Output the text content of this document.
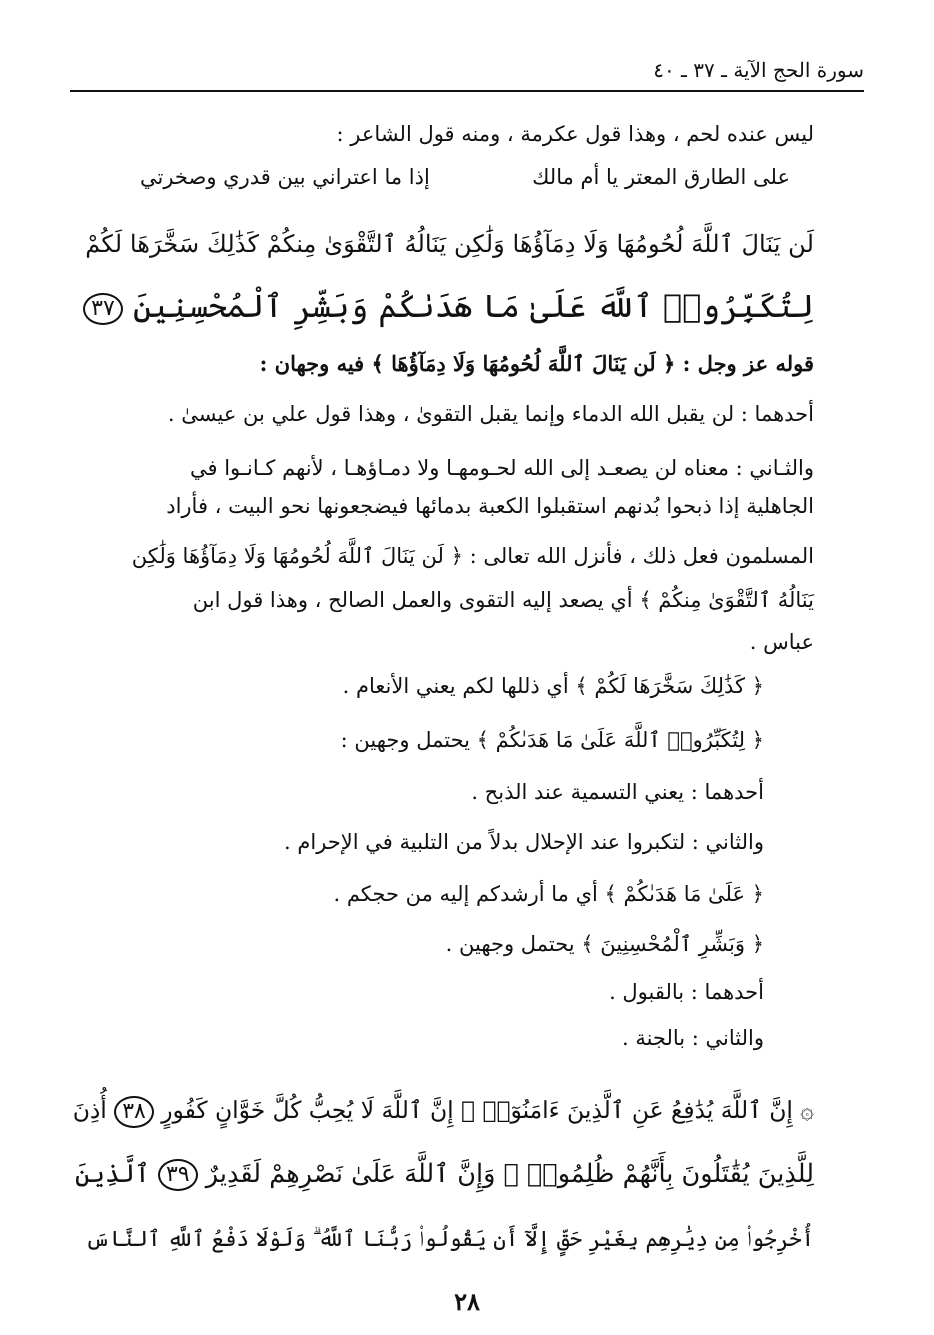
سورة الحج الآية ـ ٣٧ ـ ٤٠
ليس عنده لحم ، وهذا قول عكرمة ، ومنه قول الشاعر :
على الطارق المعتر يا أم مالك
إذا ما اعتراني بين قدري وصخرتي
لَن يَنَالَ ٱللَّهَ لُحُومُهَا وَلَا دِمَآؤُهَا وَلَٰكِن يَنَالُهُ ٱلتَّقْوَىٰ مِنكُمْ كَذَٰلِكَ سَخَّرَهَا لَكُمْ
لِتُكَبِّرُوا۟ ٱللَّهَ عَلَىٰ مَا هَدَىٰكُمْ وَبَشِّرِ ٱلْمُحْسِنِينَ ٣٧
قوله عز وجل : ﴿ لَن يَنَالَ ٱللَّهَ لُحُومُهَا وَلَا دِمَآؤُهَا ﴾ فيه وجهان :
أحدهما : لن يقبل الله الدماء وإنما يقبل التقوىٰ ، وهذا قول علي بن عيسىٰ .
والثـاني : معناه لن يصعـد إلى الله لحـومهـا ولا دمـاؤهـا ، لأنهم كـانـوا في
الجاهلية إذا ذبحوا بُدنهم استقبلوا الكعبة بدمائها فيضجعونها نحو البيت ، فأراد
المسلمون فعل ذلك ، فأنزل الله تعالى : ﴿ لَن يَنَالَ ٱللَّهَ لُحُومُهَا وَلَا دِمَآؤُهَا وَلَٰكِن
يَنَالُهُ ٱلتَّقْوَىٰ مِنكُمْ ﴾ أي يصعد إليه التقوى والعمل الصالح ، وهذا قول ابن
عباس .
﴿ كَذَٰلِكَ سَخَّرَهَا لَكُمْ ﴾ أي ذللها لكم يعني الأنعام .
﴿ لِتُكَبِّرُوا۟ ٱللَّهَ عَلَىٰ مَا هَدَىٰكُمْ ﴾ يحتمل وجهين :
أحدهما : يعني التسمية عند الذبح .
والثاني : لتكبروا عند الإحلال بدلاً من التلبية في الإحرام .
﴿ عَلَىٰ مَا هَدَىٰكُمْ ﴾ أي ما أرشدكم إليه من حجكم .
﴿ وَبَشِّرِ ٱلْمُحْسِنِينَ ﴾ يحتمل وجهين .
أحدهما : بالقبول .
والثاني : بالجنة .
۞ إِنَّ ٱللَّهَ يُدَٰفِعُ عَنِ ٱلَّذِينَ ءَامَنُوٓا۟ ۗ إِنَّ ٱللَّهَ لَا يُحِبُّ كُلَّ خَوَّانٍ كَفُورٍ ٣٨ أُذِنَ
لِلَّذِينَ يُقَٰتَلُونَ بِأَنَّهُمْ ظُلِمُوا۟ ۚ وَإِنَّ ٱللَّهَ عَلَىٰ نَصْرِهِمْ لَقَدِيرٌ ٣٩ ٱلَّذِينَ
أُخْرِجُوا۟ مِن دِيَٰرِهِم بِغَيْرِ حَقٍّ إِلَّآ أَن يَقُولُوا۟ رَبُّنَا ٱللَّهُ ۗ وَلَوْلَا دَفْعُ ٱللَّهِ ٱلنَّاسَ
٢٨
